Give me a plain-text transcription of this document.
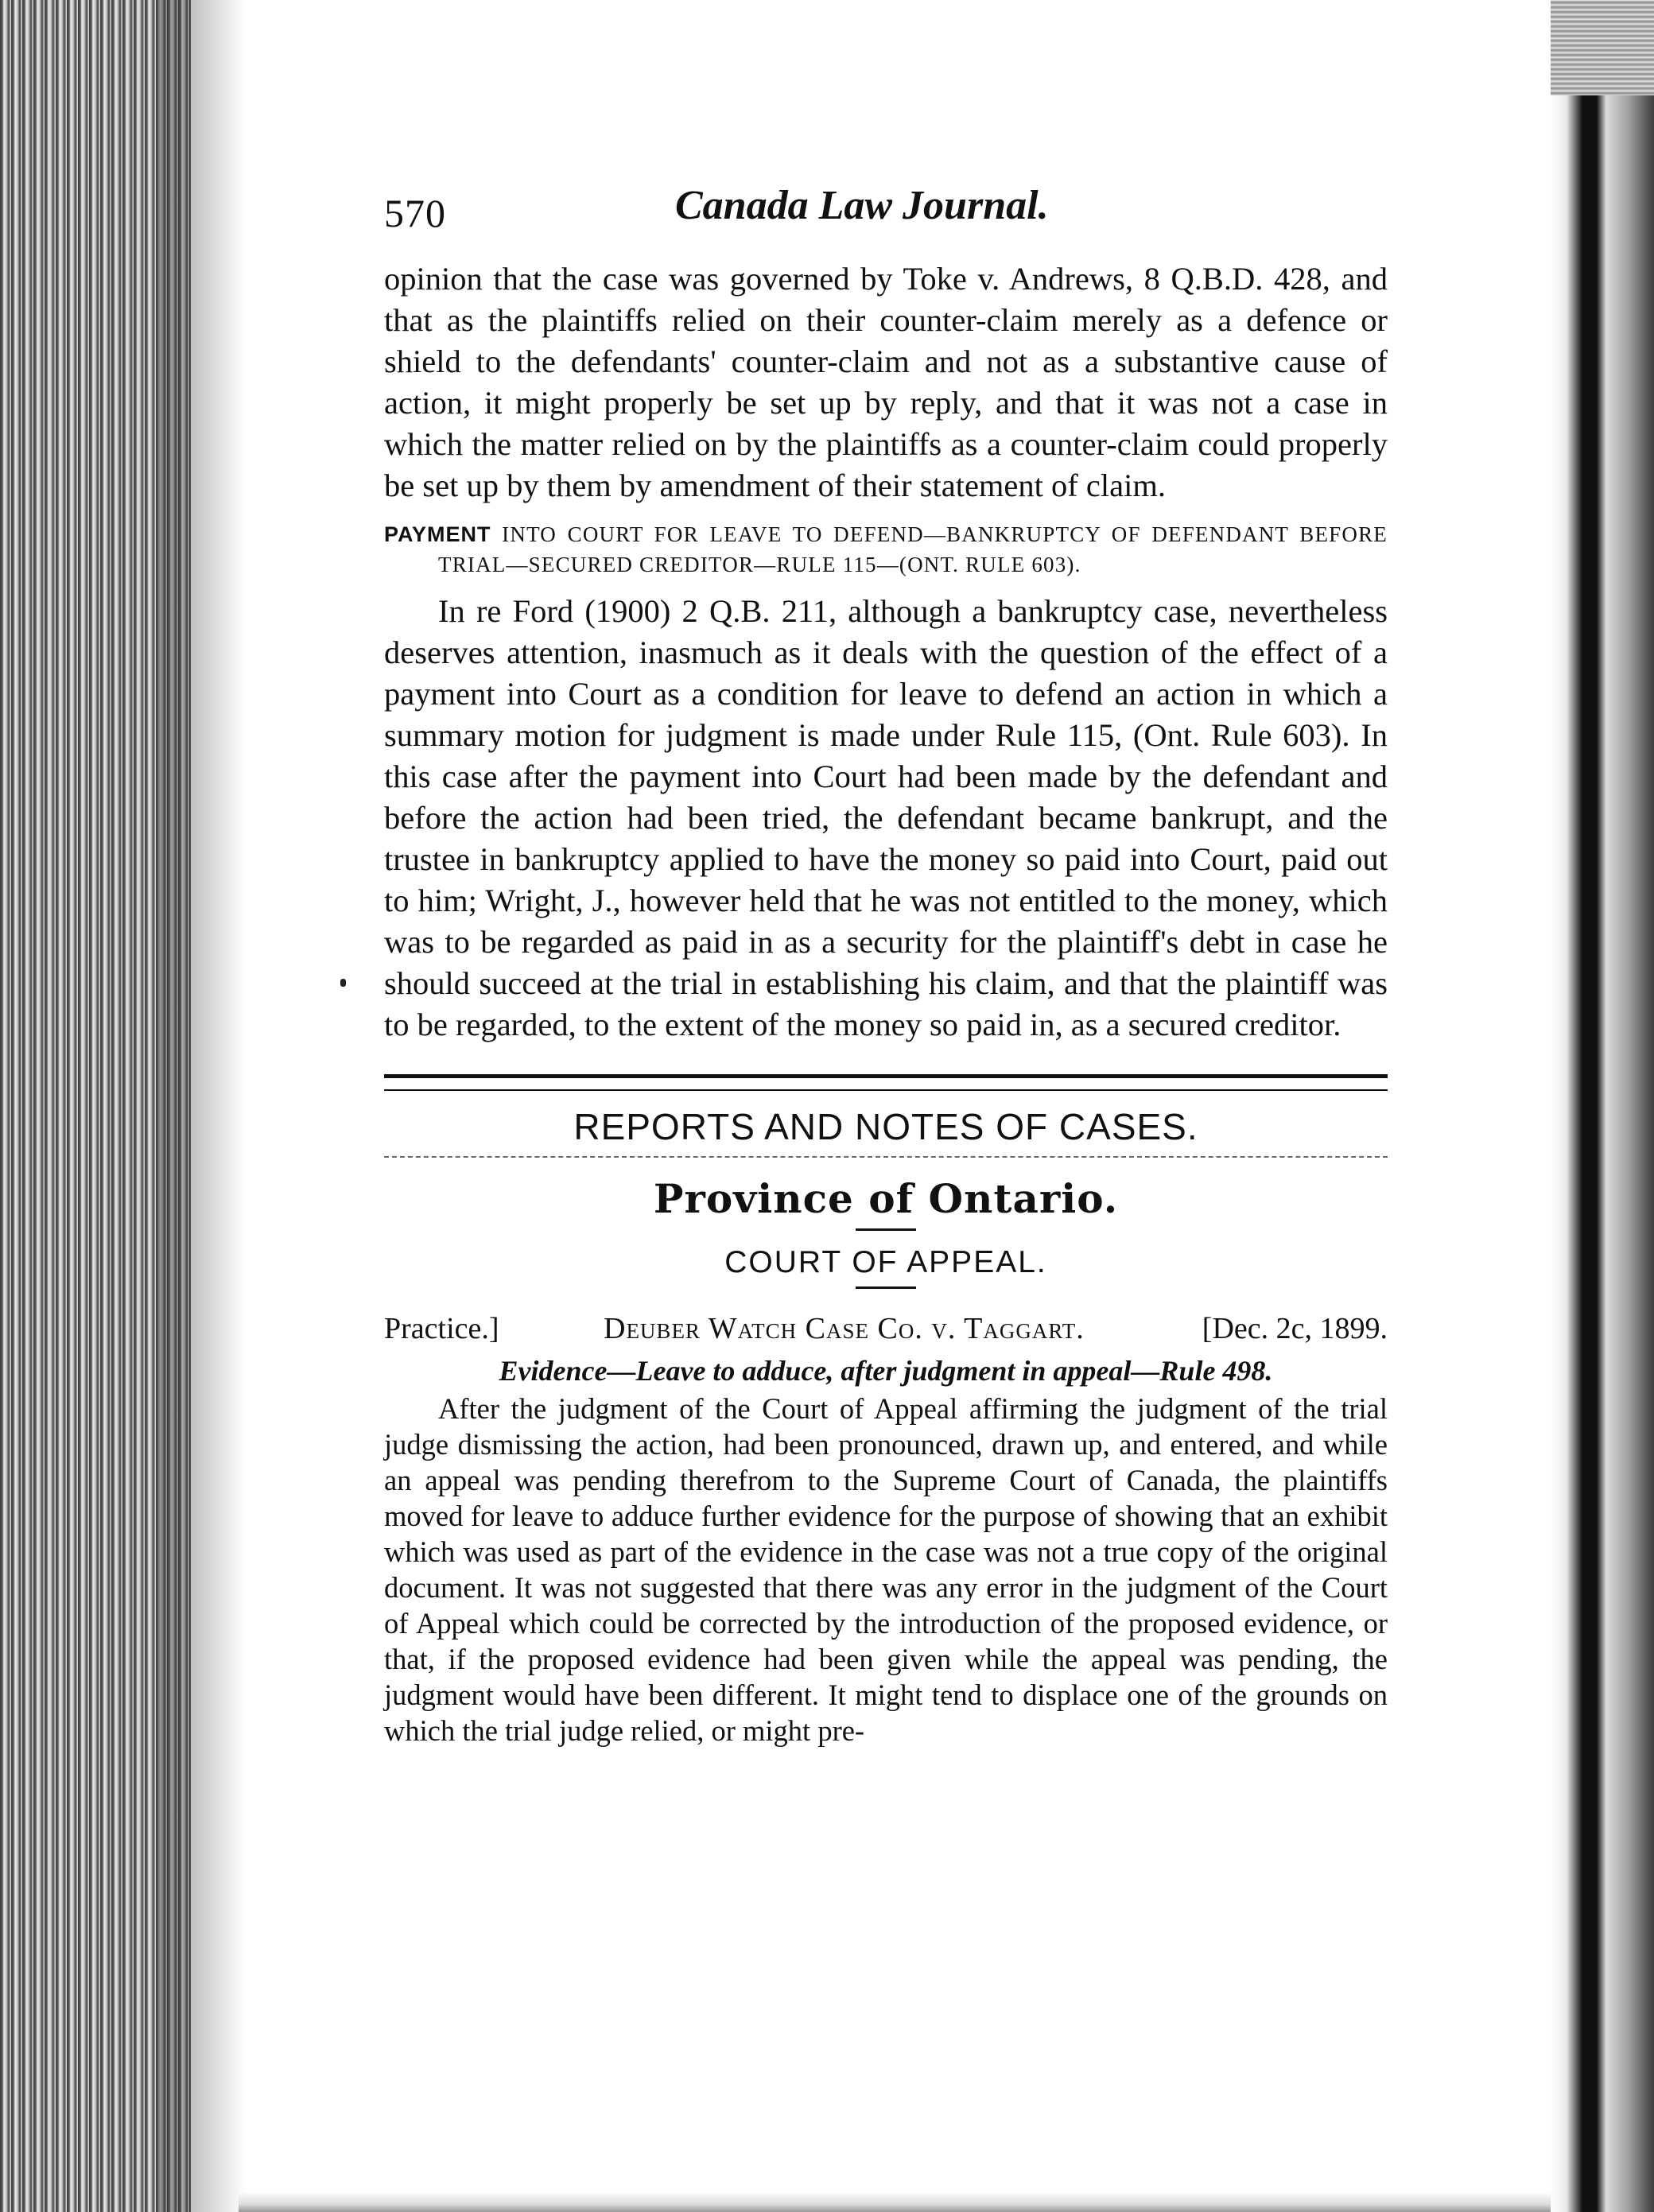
570	Canada Law Journal.

opinion that the case was governed by Toke v. Andrews, 8 Q.B.D. 428, and that as the plaintiffs relied on their counter-claim merely as a defence or shield to the defendants' counter-claim and not as a substantive cause of action, it might properly be set up by reply, and that it was not a case in which the matter relied on by the plaintiffs as a counter-claim could properly be set up by them by amendment of their statement of claim.

PAYMENT INTO COURT FOR LEAVE TO DEFEND—BANKRUPTCY OF DEFENDANT BEFORE TRIAL—SECURED CREDITOR—RULE 115—(ONT. RULE 603).

In re Ford (1900) 2 Q.B. 211, although a bankruptcy case, nevertheless deserves attention, inasmuch as it deals with the question of the effect of a payment into Court as a condition for leave to defend an action in which a summary motion for judgment is made under Rule 115, (Ont. Rule 603). In this case after the payment into Court had been made by the defendant and before the action had been tried, the defendant became bankrupt, and the trustee in bankruptcy applied to have the money so paid into Court, paid out to him; Wright, J., however held that he was not entitled to the money, which was to be regarded as paid in as a security for the plaintiff's debt in case he should succeed at the trial in establishing his claim, and that the plaintiff was to be regarded, to the extent of the money so paid in, as a secured creditor.

REPORTS AND NOTES OF CASES.
Province of Ontario.
COURT OF APPEAL.
Practice.]	Deuber Watch Case Co. v. Taggart.	[Dec. 2c, 1899.
Evidence—Leave to adduce, after judgment in appeal—Rule 498.

After the judgment of the Court of Appeal affirming the judgment of the trial judge dismissing the action, had been pronounced, drawn up, and entered, and while an appeal was pending therefrom to the Supreme Court of Canada, the plaintiffs moved for leave to adduce further evidence for the purpose of showing that an exhibit which was used as part of the evidence in the case was not a true copy of the original document. It was not suggested that there was any error in the judgment of the Court of Appeal which could be corrected by the introduction of the proposed evidence, or that, if the proposed evidence had been given while the appeal was pending, the judgment would have been different. It might tend to displace one of the grounds on which the trial judge relied, or might pre-
